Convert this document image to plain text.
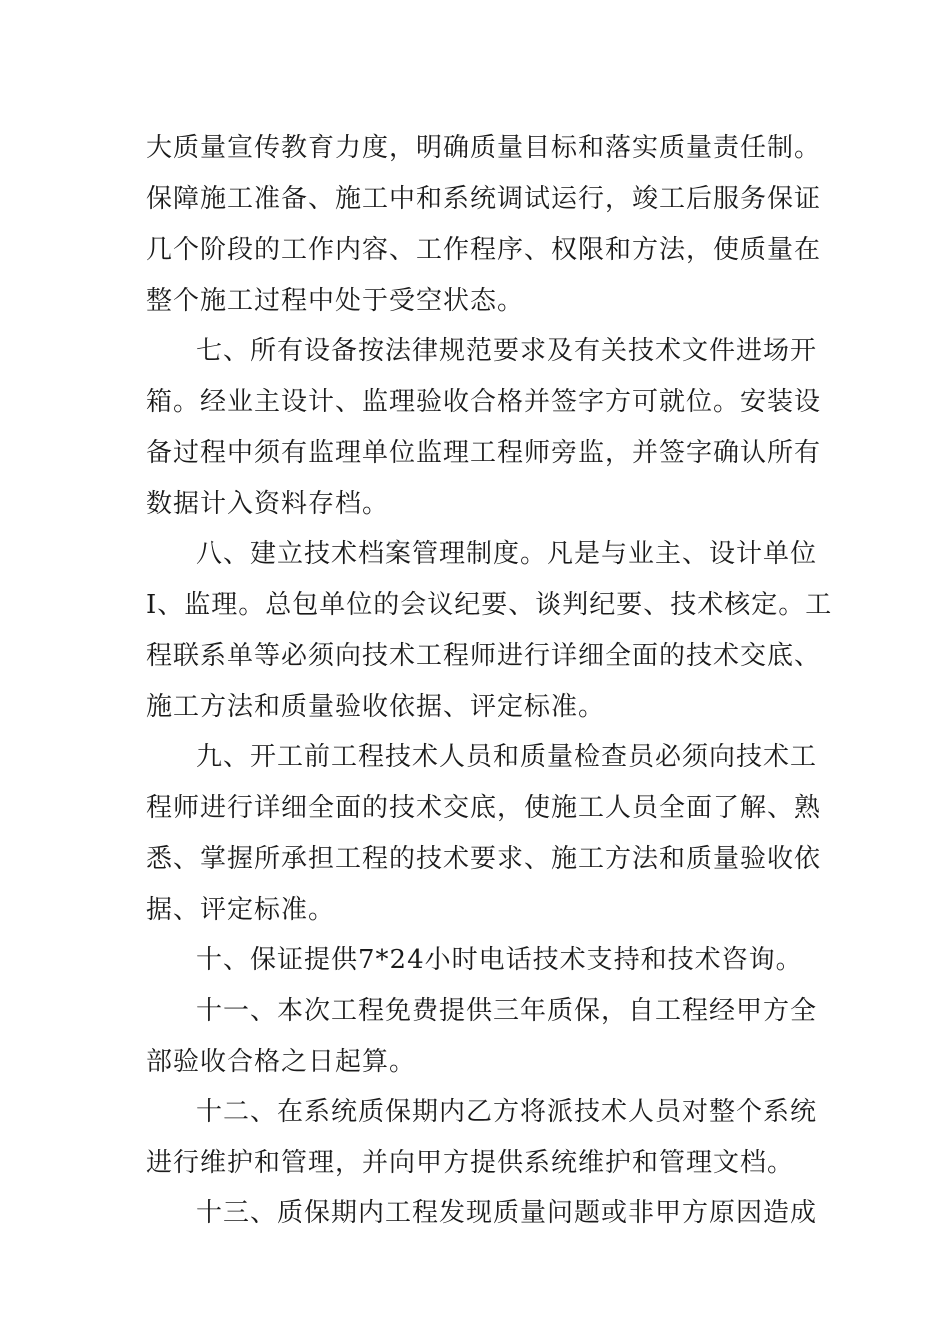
大质量宣传教育力度，明确质量目标和落实质量责任制。
保障施工准备、施工中和系统调试运行，竣工后服务保证
几个阶段的工作内容、工作程序、权限和方法，使质量在
整个施工过程中处于受空状态。
七、所有设备按法律规范要求及有关技术文件进场开
箱。经业主设计、监理验收合格并签字方可就位。安装设
备过程中须有监理单位监理工程师旁监，并签字确认所有
数据计入资料存档。
八、建立技术档案管理制度。凡是与业主、设计单位
I、监理。总包单位的会议纪要、谈判纪要、技术核定。工
程联系单等必须向技术工程师进行详细全面的技术交底、
施工方法和质量验收依据、评定标准。
九、开工前工程技术人员和质量检查员必须向技术工
程师进行详细全面的技术交底，使施工人员全面了解、熟
悉、掌握所承担工程的技术要求、施工方法和质量验收依
据、评定标准。
十、保证提供7*24小时电话技术支持和技术咨询。
十一、本次工程免费提供三年质保，自工程经甲方全
部验收合格之日起算。
十二、在系统质保期内乙方将派技术人员对整个系统
进行维护和管理，并向甲方提供系统维护和管理文档。
十三、质保期内工程发现质量问题或非甲方原因造成
